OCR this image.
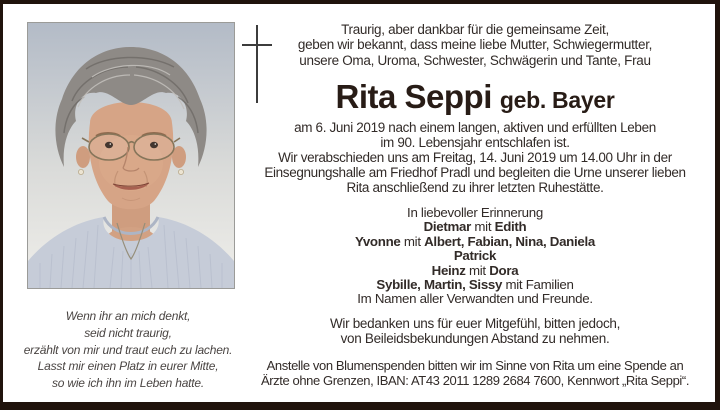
Wenn ihr an mich denkt,
seid nicht traurig,
erzählt von mir und traut euch zu lachen.
Lasst mir einen Platz in eurer Mitte,
so wie ich ihn im Leben hatte.
Traurig, aber dankbar für die gemeinsame Zeit,
geben wir bekannt, dass meine liebe Mutter, Schwiegermutter,
unsere Oma, Uroma, Schwester, Schwägerin und Tante, Frau
Rita Seppi geb. Bayer
am 6. Juni 2019 nach einem langen, aktiven und erfüllten Leben
im 90. Lebensjahr entschlafen ist.
Wir verabschieden uns am Freitag, 14. Juni 2019 um 14.00 Uhr in der
Einsegnungshalle am Friedhof Pradl und begleiten die Urne unserer lieben
Rita anschließend zu ihrer letzten Ruhestätte.
In liebevoller Erinnerung
Dietmar mit Edith
Yvonne mit Albert, Fabian, Nina, Daniela
Patrick
Heinz mit Dora
Sybille, Martin, Sissy mit Familien
Im Namen aller Verwandten und Freunde.
Wir bedanken uns für euer Mitgefühl, bitten jedoch,
von Beileidsbekundungen Abstand zu nehmen.
Anstelle von Blumenspenden bitten wir im Sinne von Rita um eine Spende an
Ärzte ohne Grenzen, IBAN: AT43 2011 1289 2684 7600, Kennwort „Rita Seppi“.
